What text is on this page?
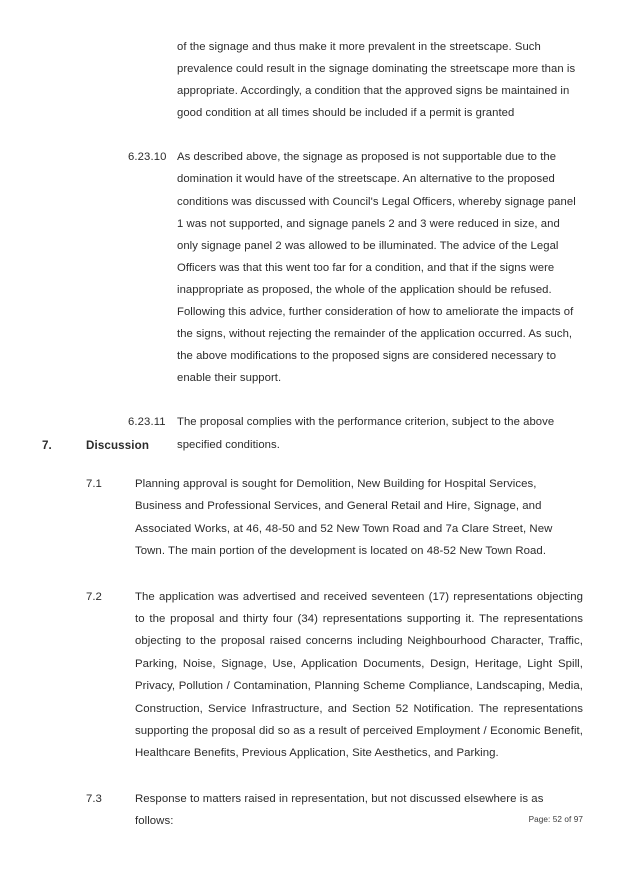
of the signage and thus make it more prevalent in the streetscape. Such prevalence could result in the signage dominating the streetscape more than is appropriate. Accordingly, a condition that the approved signs be maintained in good condition at all times should be included if a permit is granted
6.23.10 As described above, the signage as proposed is not supportable due to the domination it would have of the streetscape. An alternative to the proposed conditions was discussed with Council's Legal Officers, whereby signage panel 1 was not supported, and signage panels 2 and 3 were reduced in size, and only signage panel 2 was allowed to be illuminated. The advice of the Legal Officers was that this went too far for a condition, and that if the signs were inappropriate as proposed, the whole of the application should be refused. Following this advice, further consideration of how to ameliorate the impacts of the signs, without rejecting the remainder of the application occurred. As such, the above modifications to the proposed signs are considered necessary to enable their support.
6.23.11	The proposal complies with the performance criterion, subject to the above specified conditions.
7.	Discussion
7.1	Planning approval is sought for Demolition, New Building for Hospital Services, Business and Professional Services, and General Retail and Hire, Signage, and Associated Works, at 46, 48-50 and 52 New Town Road and 7a Clare Street, New Town. The main portion of the development is located on 48-52 New Town Road.
7.2	The application was advertised and received seventeen (17) representations objecting to the proposal and thirty four (34) representations supporting it. The representations objecting to the proposal raised concerns including Neighbourhood Character, Traffic, Parking, Noise, Signage, Use, Application Documents, Design, Heritage, Light Spill, Privacy, Pollution / Contamination, Planning Scheme Compliance, Landscaping, Media, Construction, Service Infrastructure, and Section 52 Notification. The representations supporting the proposal did so as a result of perceived Employment / Economic Benefit, Healthcare Benefits, Previous Application, Site Aesthetics, and Parking.
7.3	Response to matters raised in representation, but not discussed elsewhere is as follows:	Page: 52 of 97
